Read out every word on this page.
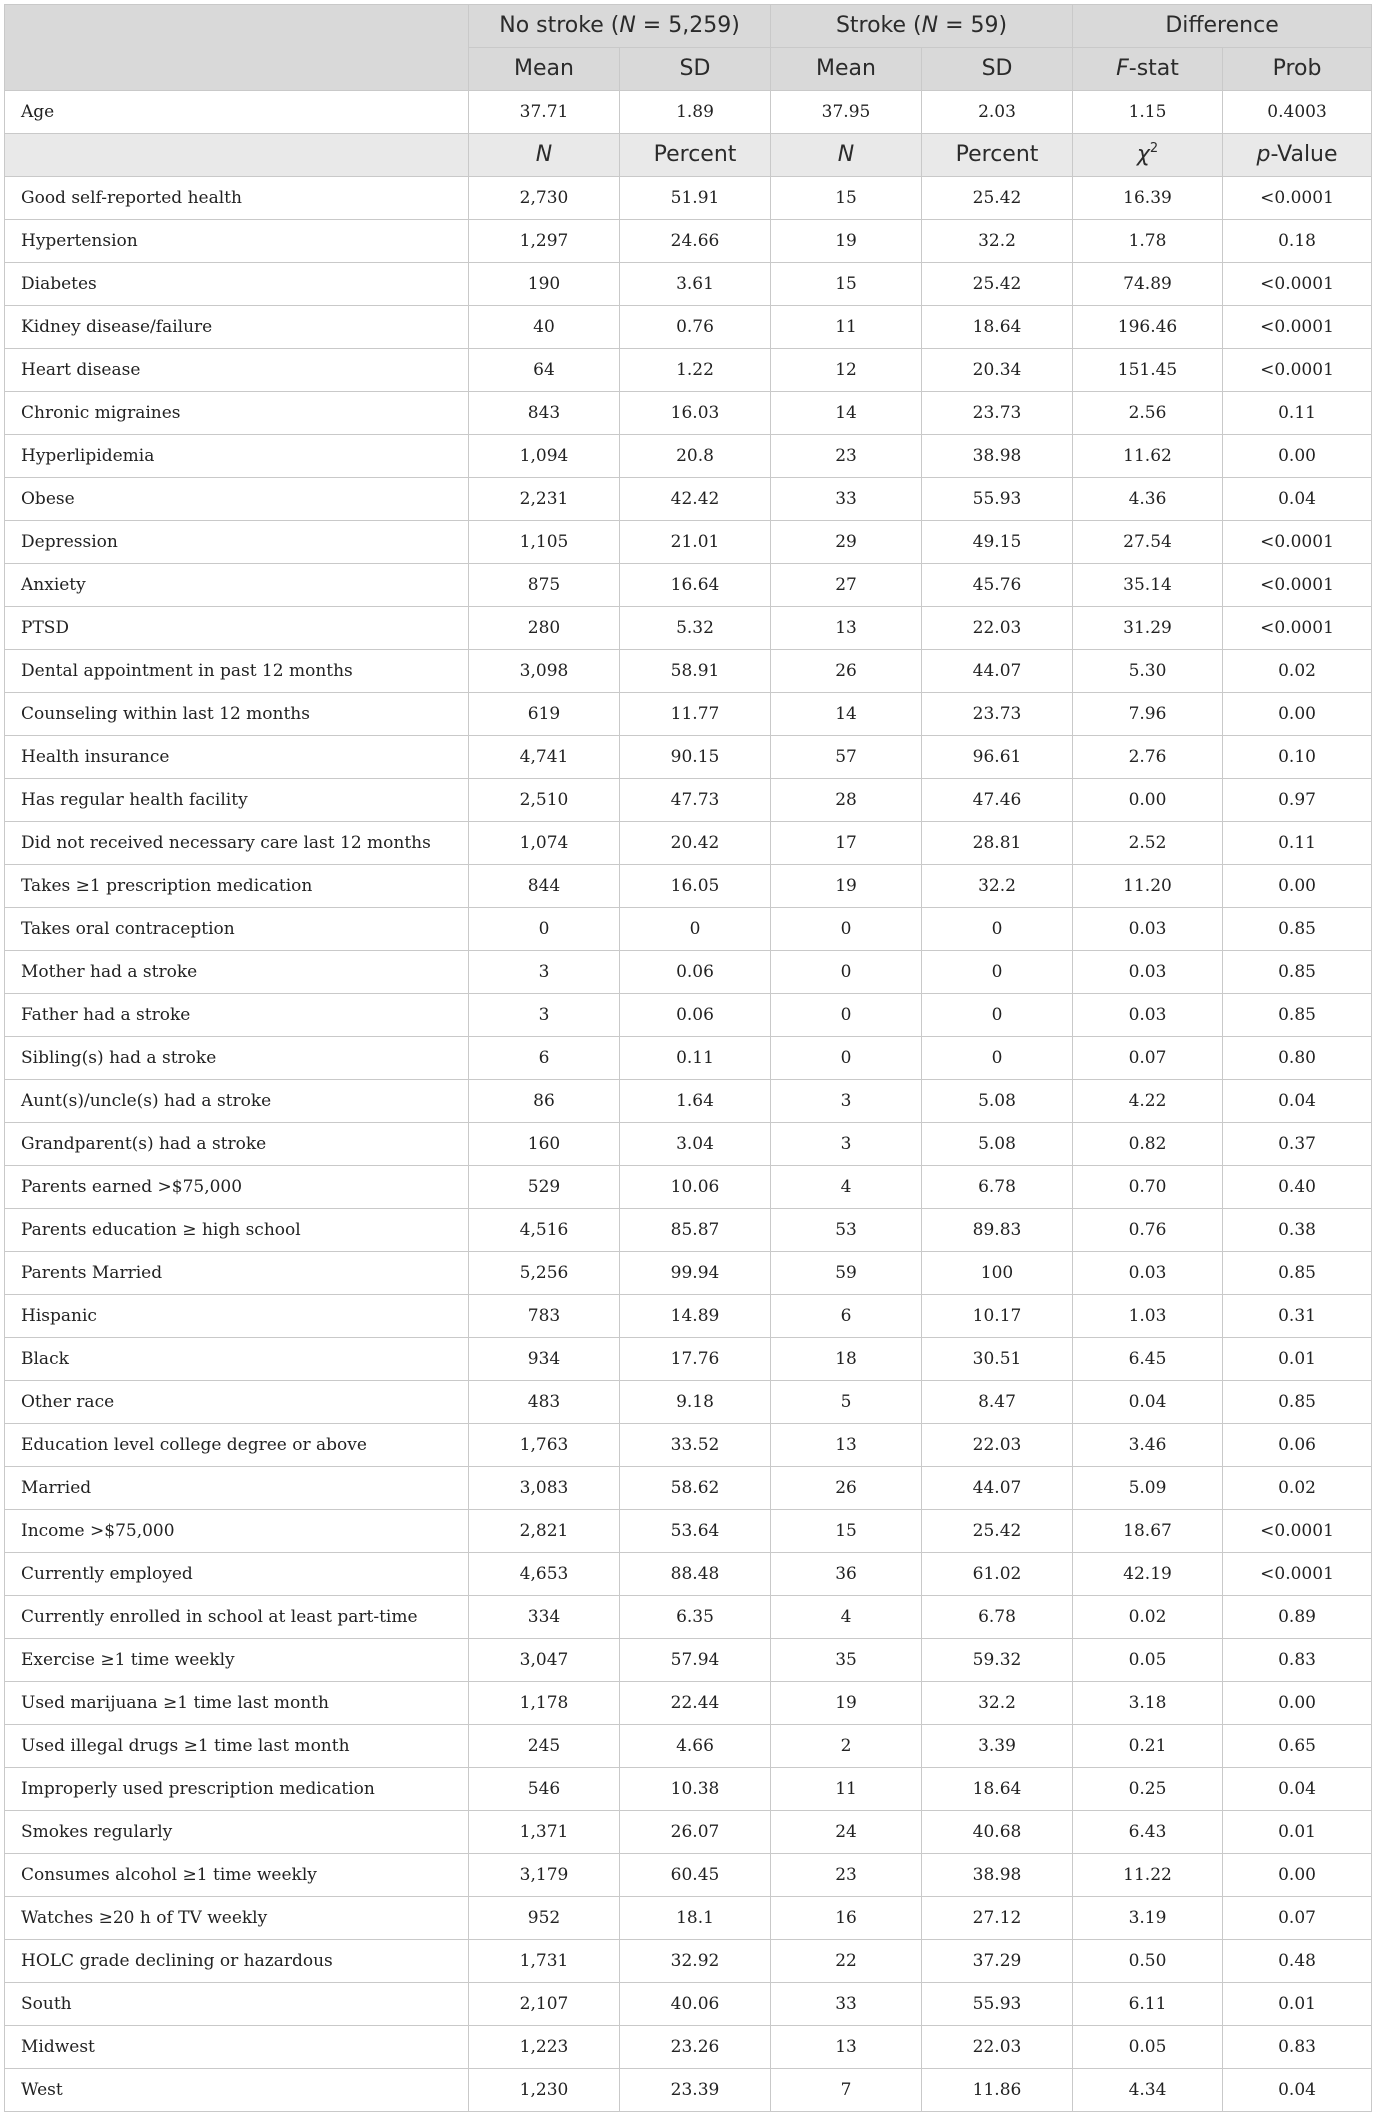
	No stroke (N = 5,259)		Stroke (N = 59)		Difference	
	Mean	SD	Mean	SD	F-stat	Prob
Age	37.71	1.89	37.95	2.03	1.15	0.4003
	N	Percent	N	Percent	$\chi^2$	p-Value
Good self-reported health	2,730	51.91	15	25.42	16.39	<0.0001
Hypertension	1,297	24.66	19	32.2	1.78	0.18
Diabetes	190	3.61	15	25.42	74.89	<0.0001
Kidney disease/failure	40	0.76	11	18.64	196.46	<0.0001
Heart disease	64	1.22	12	20.34	151.45	<0.0001
Chronic migraines	843	16.03	14	23.73	2.56	0.11
Hyperlipidemia	1,094	20.8	23	38.98	11.62	0.00
Obese	2,231	42.42	33	55.93	4.36	0.04
Depression	1,105	21.01	29	49.15	27.54	<0.0001
Anxiety	875	16.64	27	45.76	35.14	<0.0001
PTSD	280	5.32	13	22.03	31.29	<0.0001
Dental appointment in past 12 months	3,098	58.91	26	44.07	5.30	0.02
Counseling within last 12 months	619	11.77	14	23.73	7.96	0.00
Health insurance	4,741	90.15	57	96.61	2.76	0.10
Has regular health facility	2,510	47.73	28	47.46	0.00	0.97
Did not received necessary care last 12 months	1,074	20.42	17	28.81	2.52	0.11
Takes ≥1 prescription medication	844	16.05	19	32.2	11.20	0.00
Takes oral contraception	0	0	0	0	0.03	0.85
Mother had a stroke	3	0.06	0	0	0.03	0.85
Father had a stroke	3	0.06	0	0	0.03	0.85
Sibling(s) had a stroke	6	0.11	0	0	0.07	0.80
Aunt(s)/uncle(s) had a stroke	86	1.64	3	5.08	4.22	0.04
Grandparent(s) had a stroke	160	3.04	3	5.08	0.82	0.37
Parents earned >$75,000	529	10.06	4	6.78	0.70	0.40
Parents education ≥ high school	4,516	85.87	53	89.83	0.76	0.38
Parents Married	5,256	99.94	59	100	0.03	0.85
Hispanic	783	14.89	6	10.17	1.03	0.31
Black	934	17.76	18	30.51	6.45	0.01
Other race	483	9.18	5	8.47	0.04	0.85
Education level college degree or above	1,763	33.52	13	22.03	3.46	0.06
Married	3,083	58.62	26	44.07	5.09	0.02
Income >$75,000	2,821	53.64	15	25.42	18.67	<0.0001
Currently employed	4,653	88.48	36	61.02	42.19	<0.0001
Currently enrolled in school at least part-time	334	6.35	4	6.78	0.02	0.89
Exercise ≥1 time weekly	3,047	57.94	35	59.32	0.05	0.83
Used marijuana ≥1 time last month	1,178	22.44	19	32.2	3.18	0.00
Used illegal drugs ≥1 time last month	245	4.66	2	3.39	0.21	0.65
Improperly used prescription medication	546	10.38	11	18.64	0.25	0.04
Smokes regularly	1,371	26.07	24	40.68	6.43	0.01
Consumes alcohol ≥1 time weekly	3,179	60.45	23	38.98	11.22	0.00
Watches ≥20 h of TV weekly	952	18.1	16	27.12	3.19	0.07
HOLC grade declining or hazardous	1,731	32.92	22	37.29	0.50	0.48
South	2,107	40.06	33	55.93	6.11	0.01
Midwest	1,223	23.26	13	22.03	0.05	0.83
West	1,230	23.39	7	11.86	4.34	0.04
